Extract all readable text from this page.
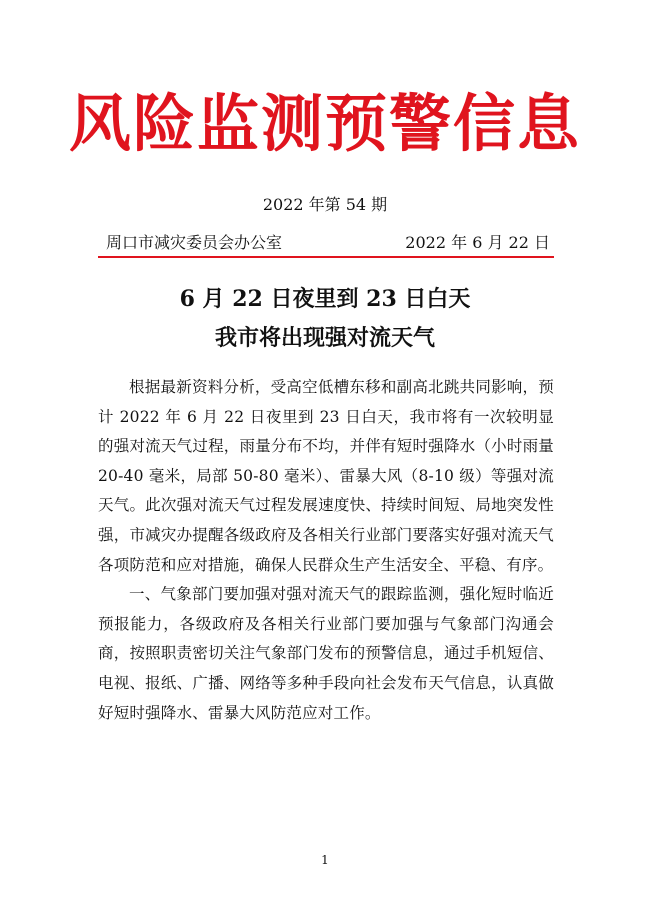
风险监测预警信息
2022 年第 54 期
周口市减灾委员会办公室	2022 年 6 月 22 日
6 月 22 日夜里到 23 日白天
我市将出现强对流天气

根据最新资料分析，受高空低槽东移和副高北跳共同影响，预计 2022 年 6 月 22 日夜里到 23 日白天，我市将有一次较明显的强对流天气过程，雨量分布不均，并伴有短时强降水（小时雨量 20-40 毫米，局部 50-80 毫米）、雷暴大风（8-10 级）等强对流天气。此次强对流天气过程发展速度快、持续时间短、局地突发性强，市减灾办提醒各级政府及各相关行业部门要落实好强对流天气各项防范和应对措施，确保人民群众生产生活安全、平稳、有序。

一、气象部门要加强对强对流天气的跟踪监测，强化短时临近预报能力，各级政府及各相关行业部门要加强与气象部门沟通会商，按照职责密切关注气象部门发布的预警信息，通过手机短信、电视、报纸、广播、网络等多种手段向社会发布天气信息，认真做好短时强降水、雷暴大风防范应对工作。

1
